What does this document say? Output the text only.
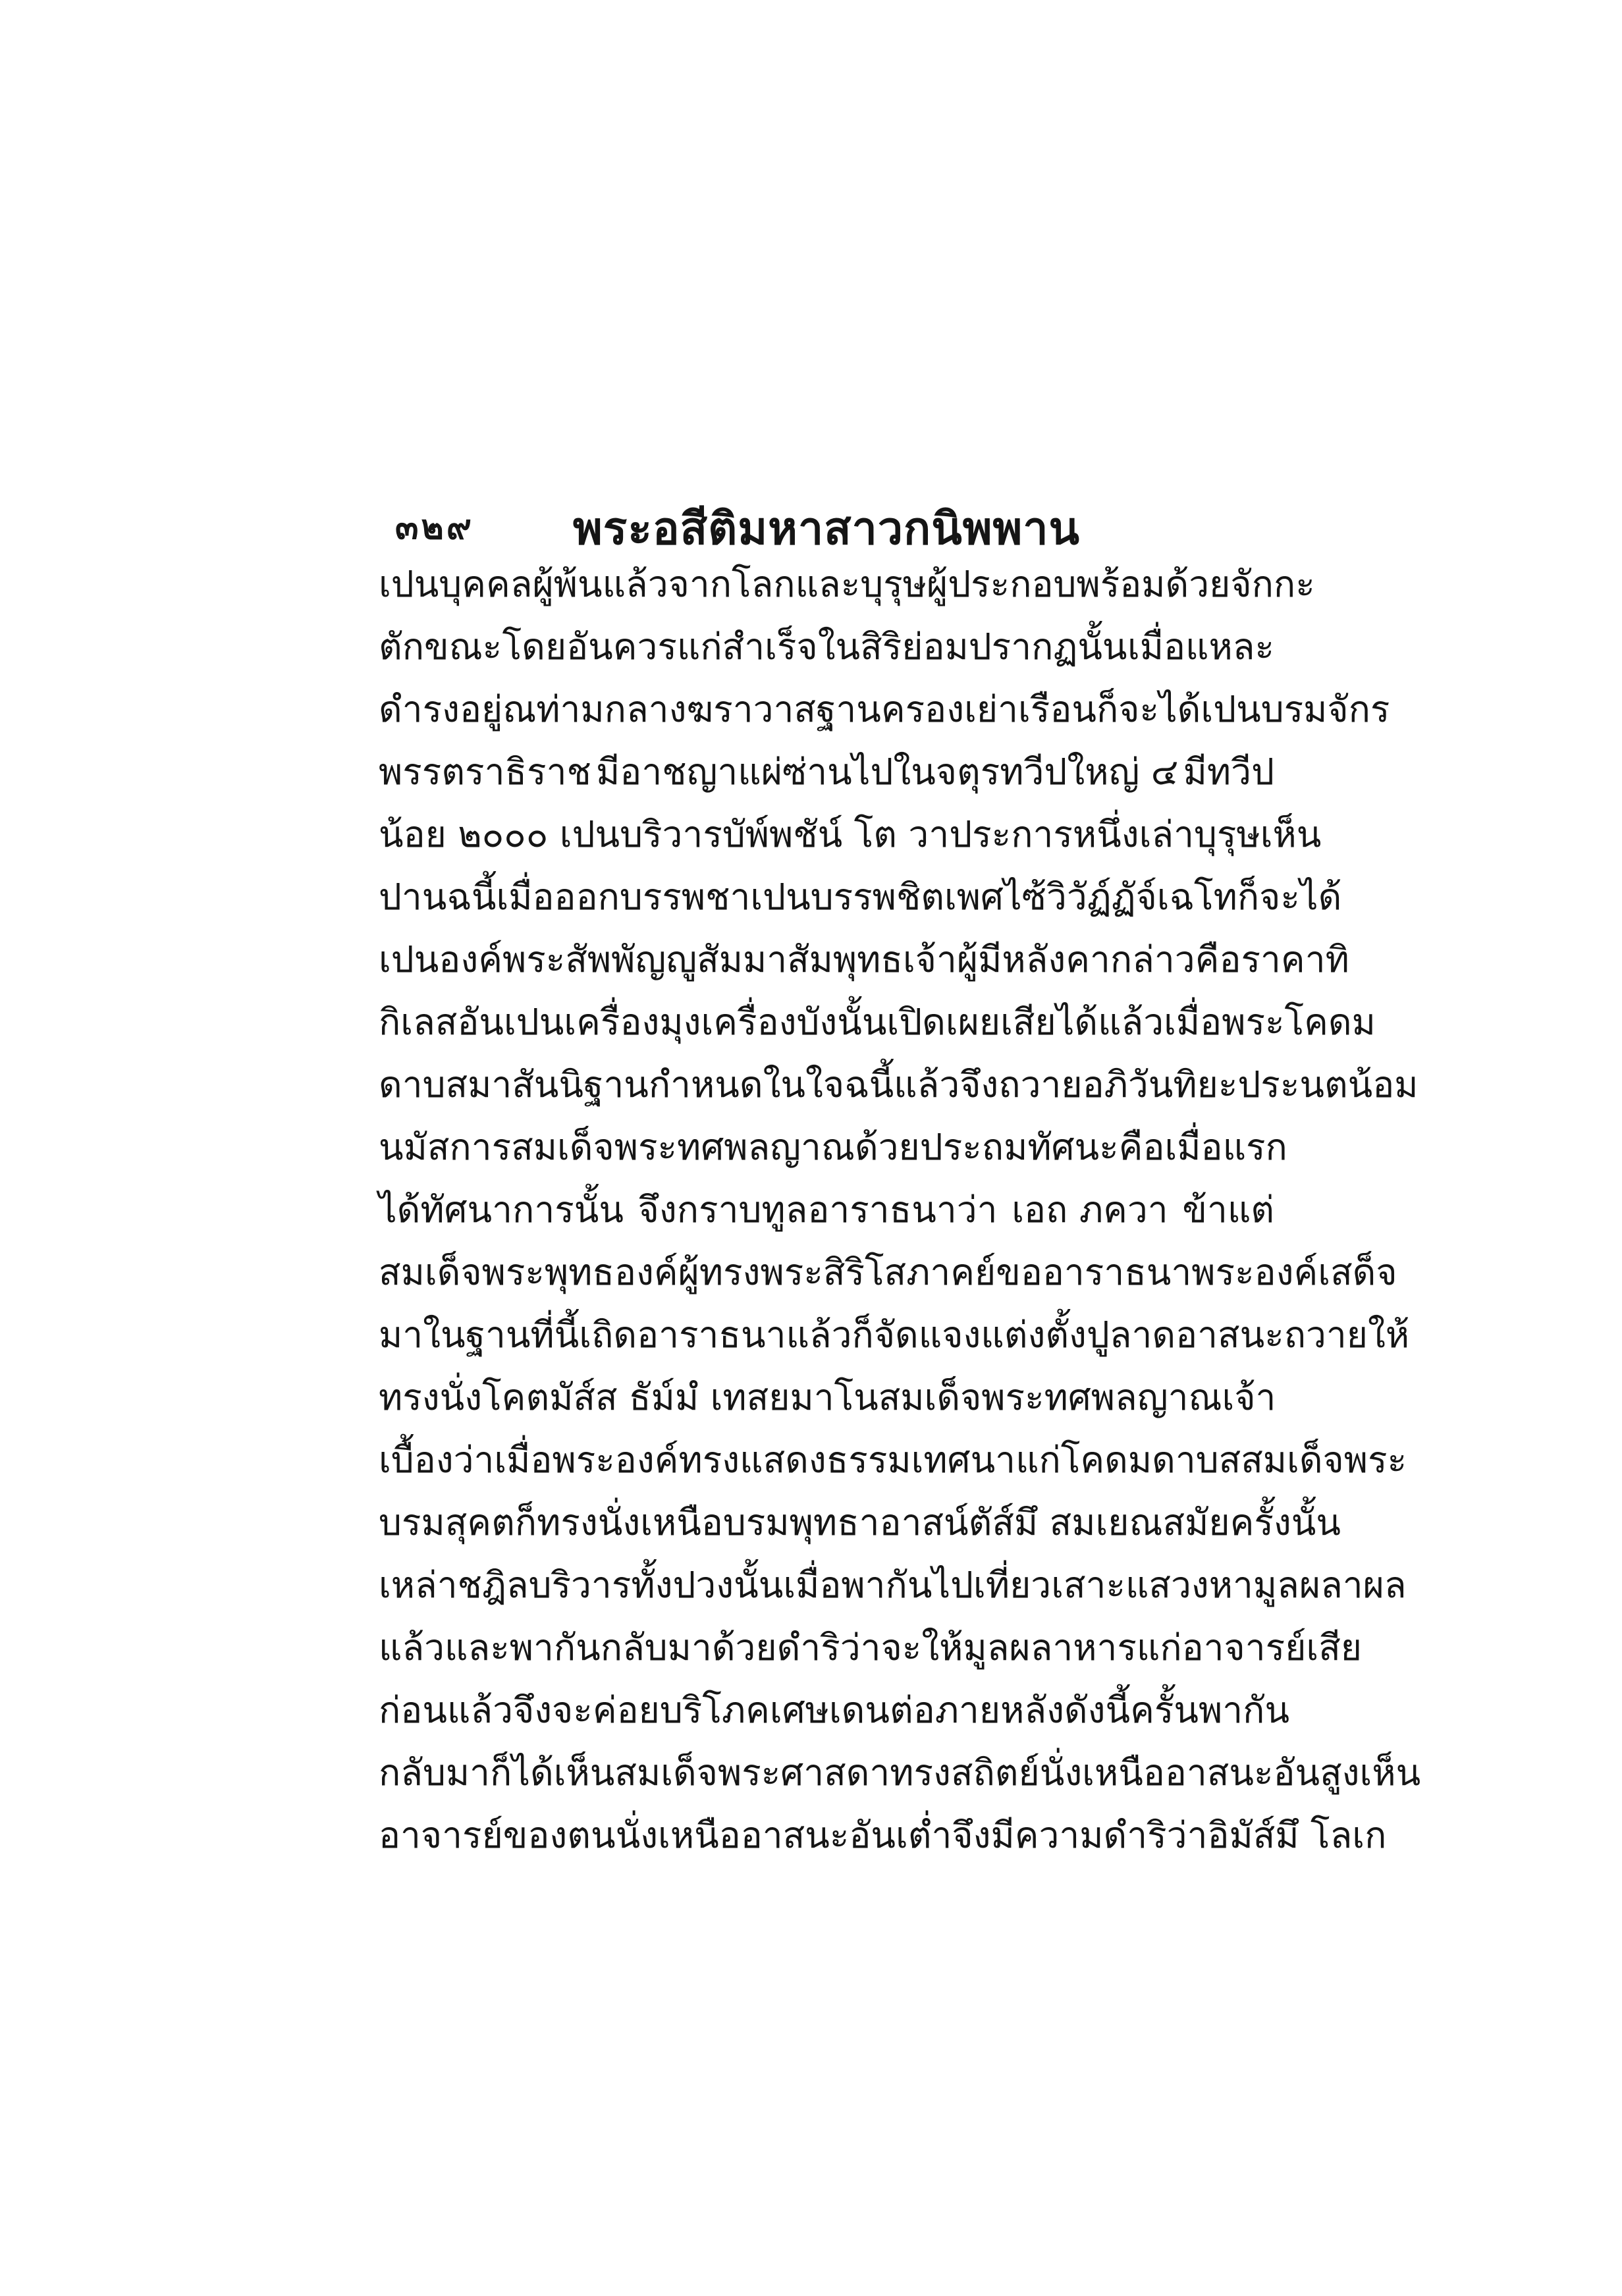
๓๒๙	พระอสีติมหาสาวกนิพพาน
เปนบุคคลผู้พ้นแล้วจากโลก และบุรุษผู้ประกอบพร้อมด้วยจักกะ
ตักขณะ โดยอันควรแก่สำเร็จในสิริย่อมปรากฏนั้น เมื่อแหละ
ดำรงอยู่ณท่ามกลางฆราวาสฐาน ครองเย่าเรือนก็จะได้เปนบรมจักร
พรรตราธิราช มีอาชญาแผ่ซ่านไปในจตุรทวีปใหญ่ ๔ มีทวีป
น้อย ๒๐๐๐ เปนบริวาร บัพ์พชัน์ โต วา ประการหนึ่งเล่าบุรุษเห็น
ปานฉนี้ เมื่อออกบรรพชาเปนบรรพชิตเพศไซ้ วิวัฏ์ฏัจ์เฉโท ก็จะได้
เปนองค์พระสัพพัญญูสัมมาสัมพุทธเจ้า ผู้มีหลังคากล่าวคือราคาทิ
กิเลสอันเปนเครื่องมุงเครื่องบังนั้นเปิดเผยเสียได้แล้ว เมื่อพระโคดม
ดาบสมาสันนิฐานกำหนดในใจฉนี้แล้ว จึงถวายอภิวันทิยะประนตน้อม
นมัสการ สมเด็จพระทศพลญาณด้วยประถมทัศนะ คือเมื่อแรก
ได้ทัศนาการนั้น จึงกราบทูลอาราธนาว่า เอถ ภควา ข้าแต่
สมเด็จพระพุทธองค์ผู้ทรงพระสิริโสภาคย์ ขออาราธนาพระองค์เสด็จ
มาในฐานที่นี้เถิด อาราธนาแล้วก็จัดแจงแต่งตั้งปูลาดอาสนะถวายให้
ทรงนั่ง โคตมัส์ส ธัม์มํ เทสยมาโน สมเด็จพระทศพลญาณเจ้า
เบื้องว่าเมื่อพระองค์ทรงแสดงธรรมเทศนาแก่โคดมดาบส สมเด็จพระ
บรมสุคตก็ทรงนั่งเหนือบรมพุทธาอาสน์ ตัส์มึ สมเย ณสมัยครั้งนั้น
เหล่าชฎิลบริวารทั้งปวงนั้น เมื่อพากันไปเที่ยวเสาะแสวงหามูลผลาผล
แล้วและพากันกลับมาด้วยดำริว่า จะให้มูลผลาหารแก่อาจารย์เสีย
ก่อนแล้ว จึงจะค่อยบริโภคเศษเดนต่อภายหลังดังนี้ ครั้นพากัน
กลับมาก็ได้เห็นสมเด็จพระศาสดาทรงสถิตย์นั่งเหนืออาสนะอันสูง เห็น
อาจารย์ของตนนั่งเหนืออาสนะอันเต่ำ จึงมีความดำริว่า อิมัส์มึ โลเก
